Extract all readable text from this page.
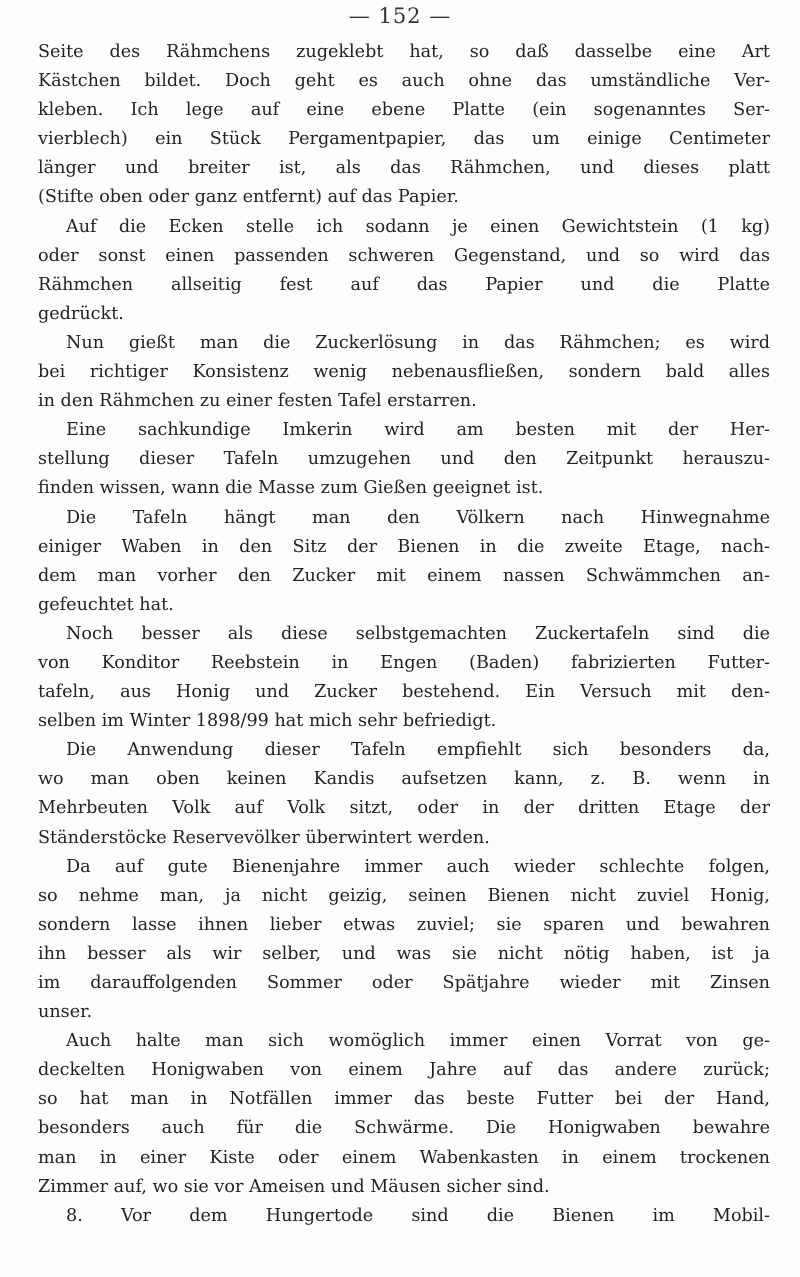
— 152 —
Seite des Rähmchens zugeklebt hat, so daß dasselbe eine Art
Kästchen bildet. Doch geht es auch ohne das umständliche Ver-
kleben. Ich lege auf eine ebene Platte (ein sogenanntes Ser-
vierblech) ein Stück Pergamentpapier, das um einige Centimeter
länger und breiter ist, als das Rähmchen, und dieses platt
(Stifte oben oder ganz entfernt) auf das Papier.
Auf die Ecken stelle ich sodann je einen Gewichtstein (1 kg)
oder sonst einen passenden schweren Gegenstand, und so wird das
Rähmchen allseitig fest auf das Papier und die Platte
gedrückt.
Nun gießt man die Zuckerlösung in das Rähmchen; es wird
bei richtiger Konsistenz wenig nebenausfließen, sondern bald alles
in den Rähmchen zu einer festen Tafel erstarren.
Eine sachkundige Imkerin wird am besten mit der Her-
stellung dieser Tafeln umzugehen und den Zeitpunkt herauszu-
finden wissen, wann die Masse zum Gießen geeignet ist.
Die Tafeln hängt man den Völkern nach Hinwegnahme
einiger Waben in den Sitz der Bienen in die zweite Etage, nach-
dem man vorher den Zucker mit einem nassen Schwämmchen an-
gefeuchtet hat.
Noch besser als diese selbstgemachten Zuckertafeln sind die
von Konditor Reebstein in Engen (Baden) fabrizierten Futter-
tafeln, aus Honig und Zucker bestehend. Ein Versuch mit den-
selben im Winter 1898/99 hat mich sehr befriedigt.
Die Anwendung dieser Tafeln empfiehlt sich besonders da,
wo man oben keinen Kandis aufsetzen kann, z. B. wenn in
Mehrbeuten Volk auf Volk sitzt, oder in der dritten Etage der
Ständerstöcke Reservevölker überwintert werden.
Da auf gute Bienenjahre immer auch wieder schlechte folgen,
so nehme man, ja nicht geizig, seinen Bienen nicht zuviel Honig,
sondern lasse ihnen lieber etwas zuviel; sie sparen und bewahren
ihn besser als wir selber, und was sie nicht nötig haben, ist ja
im darauffolgenden Sommer oder Spätjahre wieder mit Zinsen
unser.
Auch halte man sich womöglich immer einen Vorrat von ge-
deckelten Honigwaben von einem Jahre auf das andere zurück;
so hat man in Notfällen immer das beste Futter bei der Hand,
besonders auch für die Schwärme. Die Honigwaben bewahre
man in einer Kiste oder einem Wabenkasten in einem trockenen
Zimmer auf, wo sie vor Ameisen und Mäusen sicher sind.
8. Vor dem Hungertode sind die Bienen im Mobil-
